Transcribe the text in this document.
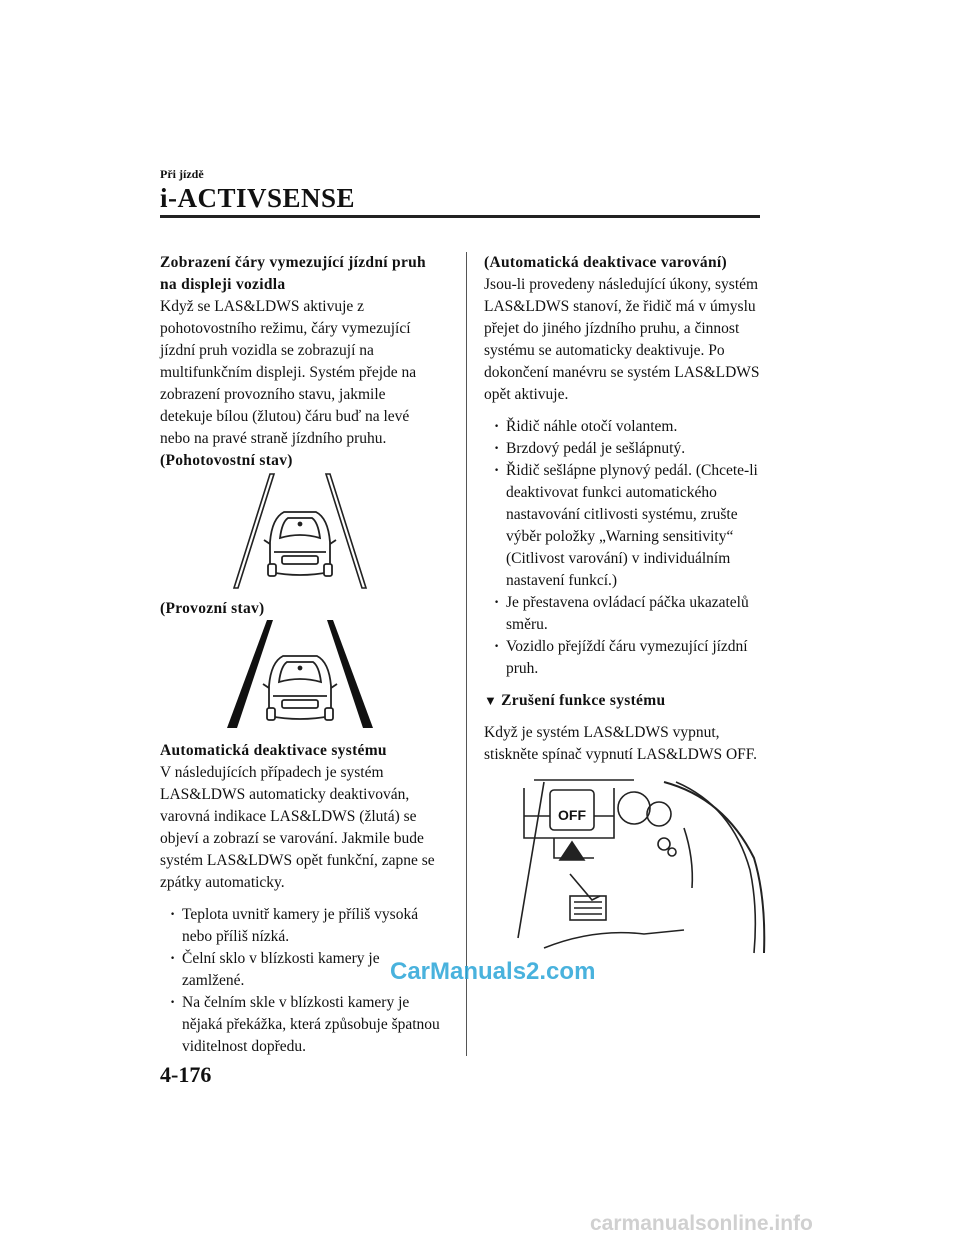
Při jízdě
i-ACTIVSENSE

Zobrazení čáry vymezující jízdní pruh na displeji vozidla

Když se LAS&LDWS aktivuje z pohotovostního režimu, čáry vymezující jízdní pruh vozidla se zobrazují na multifunkčním displeji. Systém přejde na zobrazení provozního stavu, jakmile detekuje bílou (žlutou) čáru buď na levé nebo na pravé straně jízdního pruhu.

(Pohotovostní stav)

(Provozní stav)

Automatická deaktivace systému

V následujících případech je systém LAS&LDWS automaticky deaktivován, varovná indikace LAS&LDWS (žlutá) se objeví a zobrazí se varování. Jakmile bude systém LAS&LDWS opět funkční, zapne se zpátky automaticky.

· Teplota uvnitř kamery je příliš vysoká nebo příliš nízká.
· Čelní sklo v blízkosti kamery je zamlžené.
· Na čelním skle v blízkosti kamery je nějaká překážka, která způsobuje špatnou viditelnost dopředu.

(Automatická deaktivace varování)

Jsou-li provedeny následující úkony, systém LAS&LDWS stanoví, že řidič má v úmyslu přejet do jiného jízdního pruhu, a činnost systému se automaticky deaktivuje. Po dokončení manévru se systém LAS&LDWS opět aktivuje.

· Řidič náhle otočí volantem.
· Brzdový pedál je sešlápnutý.
· Řidič sešlápne plynový pedál. (Chcete-li deaktivovat funkci automatického nastavování citlivosti systému, zrušte výběr položky „Warning sensitivity“ (Citlivost varování) v individuálním nastavení funkcí.)
· Je přestavena ovládací páčka ukazatelů směru.
· Vozidlo přejíždí čáru vymezující jízdní pruh.

▼ Zrušení funkce systému

Když je systém LAS&LDWS vypnut, stiskněte spínač vypnutí LAS&LDWS OFF.

OFF
4-176
CarManuals2.com
carmanualsonline.info
